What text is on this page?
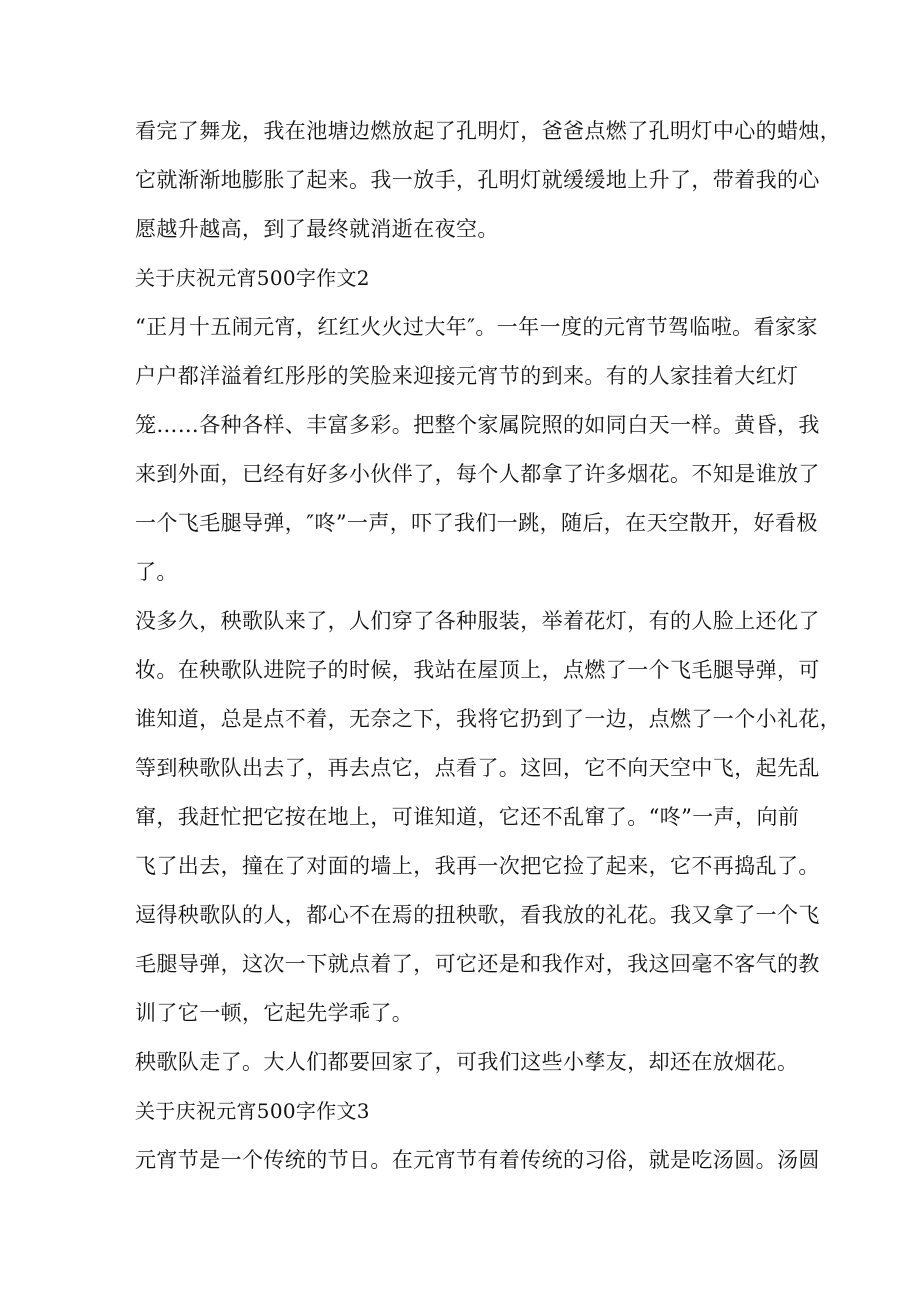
看完了舞龙，我在池塘边燃放起了孔明灯，爸爸点燃了孔明灯中心的蜡烛，
它就渐渐地膨胀了起来。我一放手，孔明灯就缓缓地上升了，带着我的心
愿越升越高，到了最终就消逝在夜空。
关于庆祝元宵500字作文2
“正月十五闹元宵，红红火火过大年″。一年一度的元宵节驾临啦。看家家
户户都洋溢着红彤彤的笑脸来迎接元宵节的到来。有的人家挂着大红灯
笼……各种各样、丰富多彩。把整个家属院照的如同白天一样。黄昏，我
来到外面，已经有好多小伙伴了，每个人都拿了许多烟花。不知是谁放了
一个飞毛腿导弹，″咚”一声，吓了我们一跳，随后，在天空散开，好看极
了。
没多久，秧歌队来了，人们穿了各种服装，举着花灯，有的人脸上还化了
妆。在秧歌队进院子的时候，我站在屋顶上，点燃了一个飞毛腿导弹，可
谁知道，总是点不着，无奈之下，我将它扔到了一边，点燃了一个小礼花，
等到秧歌队出去了，再去点它，点看了。这回，它不向天空中飞，起先乱
窜，我赶忙把它按在地上，可谁知道，它还不乱窜了。“咚”一声，向前
飞了出去，撞在了对面的墙上，我再一次把它捡了起来，它不再捣乱了。
逗得秧歌队的人，都心不在焉的扭秧歌，看我放的礼花。我又拿了一个飞
毛腿导弹，这次一下就点着了，可它还是和我作对，我这回毫不客气的教
训了它一顿，它起先学乖了。
秧歌队走了。大人们都要回家了，可我们这些小孳友，却还在放烟花。
关于庆祝元宵500字作文3
元宵节是一个传统的节日。在元宵节有着传统的习俗，就是吃汤圆。汤圆
